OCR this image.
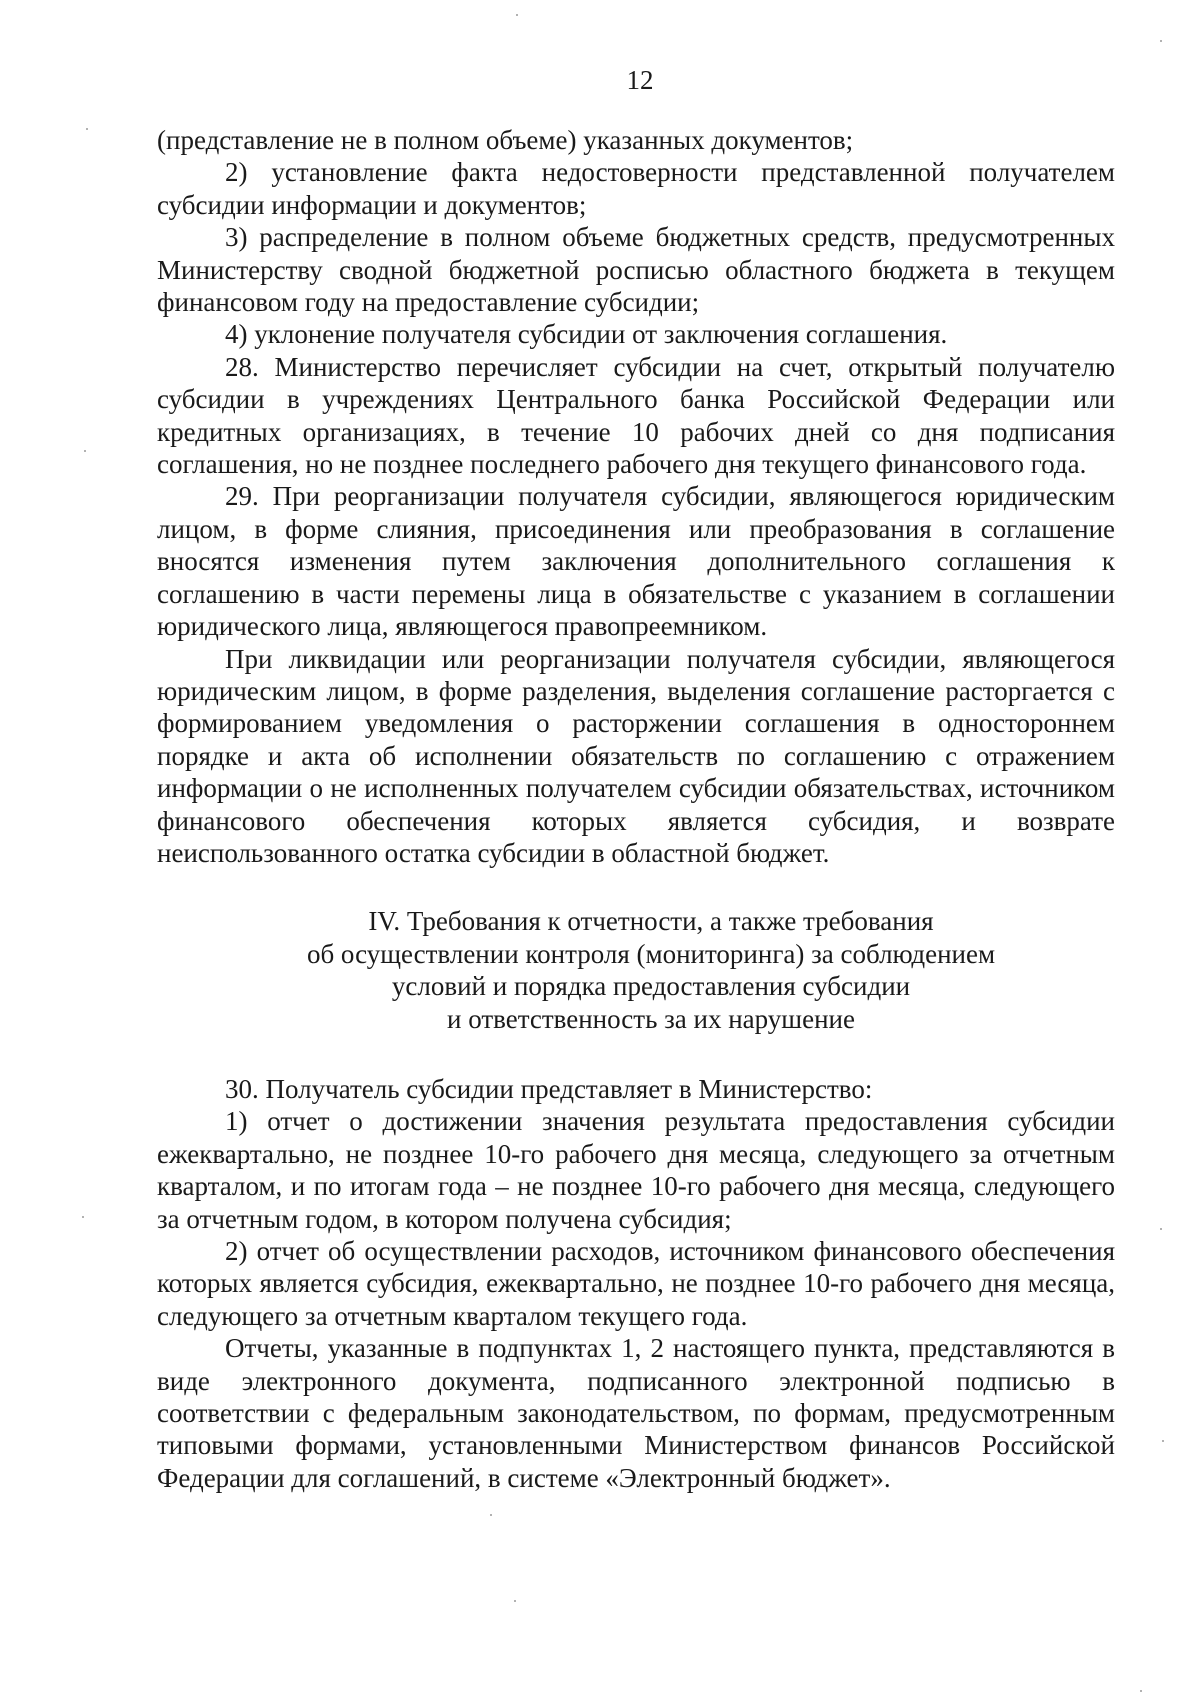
12

(представление не в полном объеме) указанных документов;

2) установление факта недостоверности представленной получателем субсидии информации и документов;

3) распределение в полном объеме бюджетных средств, предусмотренных Министерству сводной бюджетной росписью областного бюджета в текущем финансовом году на предоставление субсидии;

4) уклонение получателя субсидии от заключения соглашения.

28. Министерство перечисляет субсидии на счет, открытый получателю субсидии в учреждениях Центрального банка Российской Федерации или кредитных организациях, в течение 10 рабочих дней со дня подписания соглашения, но не позднее последнего рабочего дня текущего финансового года.

29. При реорганизации получателя субсидии, являющегося юридическим лицом, в форме слияния, присоединения или преобразования в соглашение вносятся изменения путем заключения дополнительного соглашения к соглашению в части перемены лица в обязательстве с указанием в соглашении юридического лица, являющегося правопреемником.

При ликвидации или реорганизации получателя субсидии, являющегося юридическим лицом, в форме разделения, выделения соглашение расторгается с формированием уведомления о расторжении соглашения в одностороннем порядке и акта об исполнении обязательств по соглашению с отражением информации о не исполненных получателем субсидии обязательствах, источником финансового обеспечения которых является субсидия, и возврате неиспользованного остатка субсидии в областной бюджет.

IV. Требования к отчетности, а также требования
об осуществлении контроля (мониторинга) за соблюдением
условий и порядка предоставления субсидии
и ответственность за их нарушение

30. Получатель субсидии представляет в Министерство:

1) отчет о достижении значения результата предоставления субсидии ежеквартально, не позднее 10-го рабочего дня месяца, следующего за отчетным кварталом, и по итогам года – не позднее 10-го рабочего дня месяца, следующего за отчетным годом, в котором получена субсидия;

2) отчет об осуществлении расходов, источником финансового обеспечения которых является субсидия, ежеквартально, не позднее 10-го рабочего дня месяца, следующего за отчетным кварталом текущего года.

Отчеты, указанные в подпунктах 1, 2 настоящего пункта, представляются в виде электронного документа, подписанного электронной подписью в соответствии с федеральным законодательством, по формам, предусмотренным типовыми формами, установленными Министерством финансов Российской Федерации для соглашений, в системе «Электронный бюджет».
